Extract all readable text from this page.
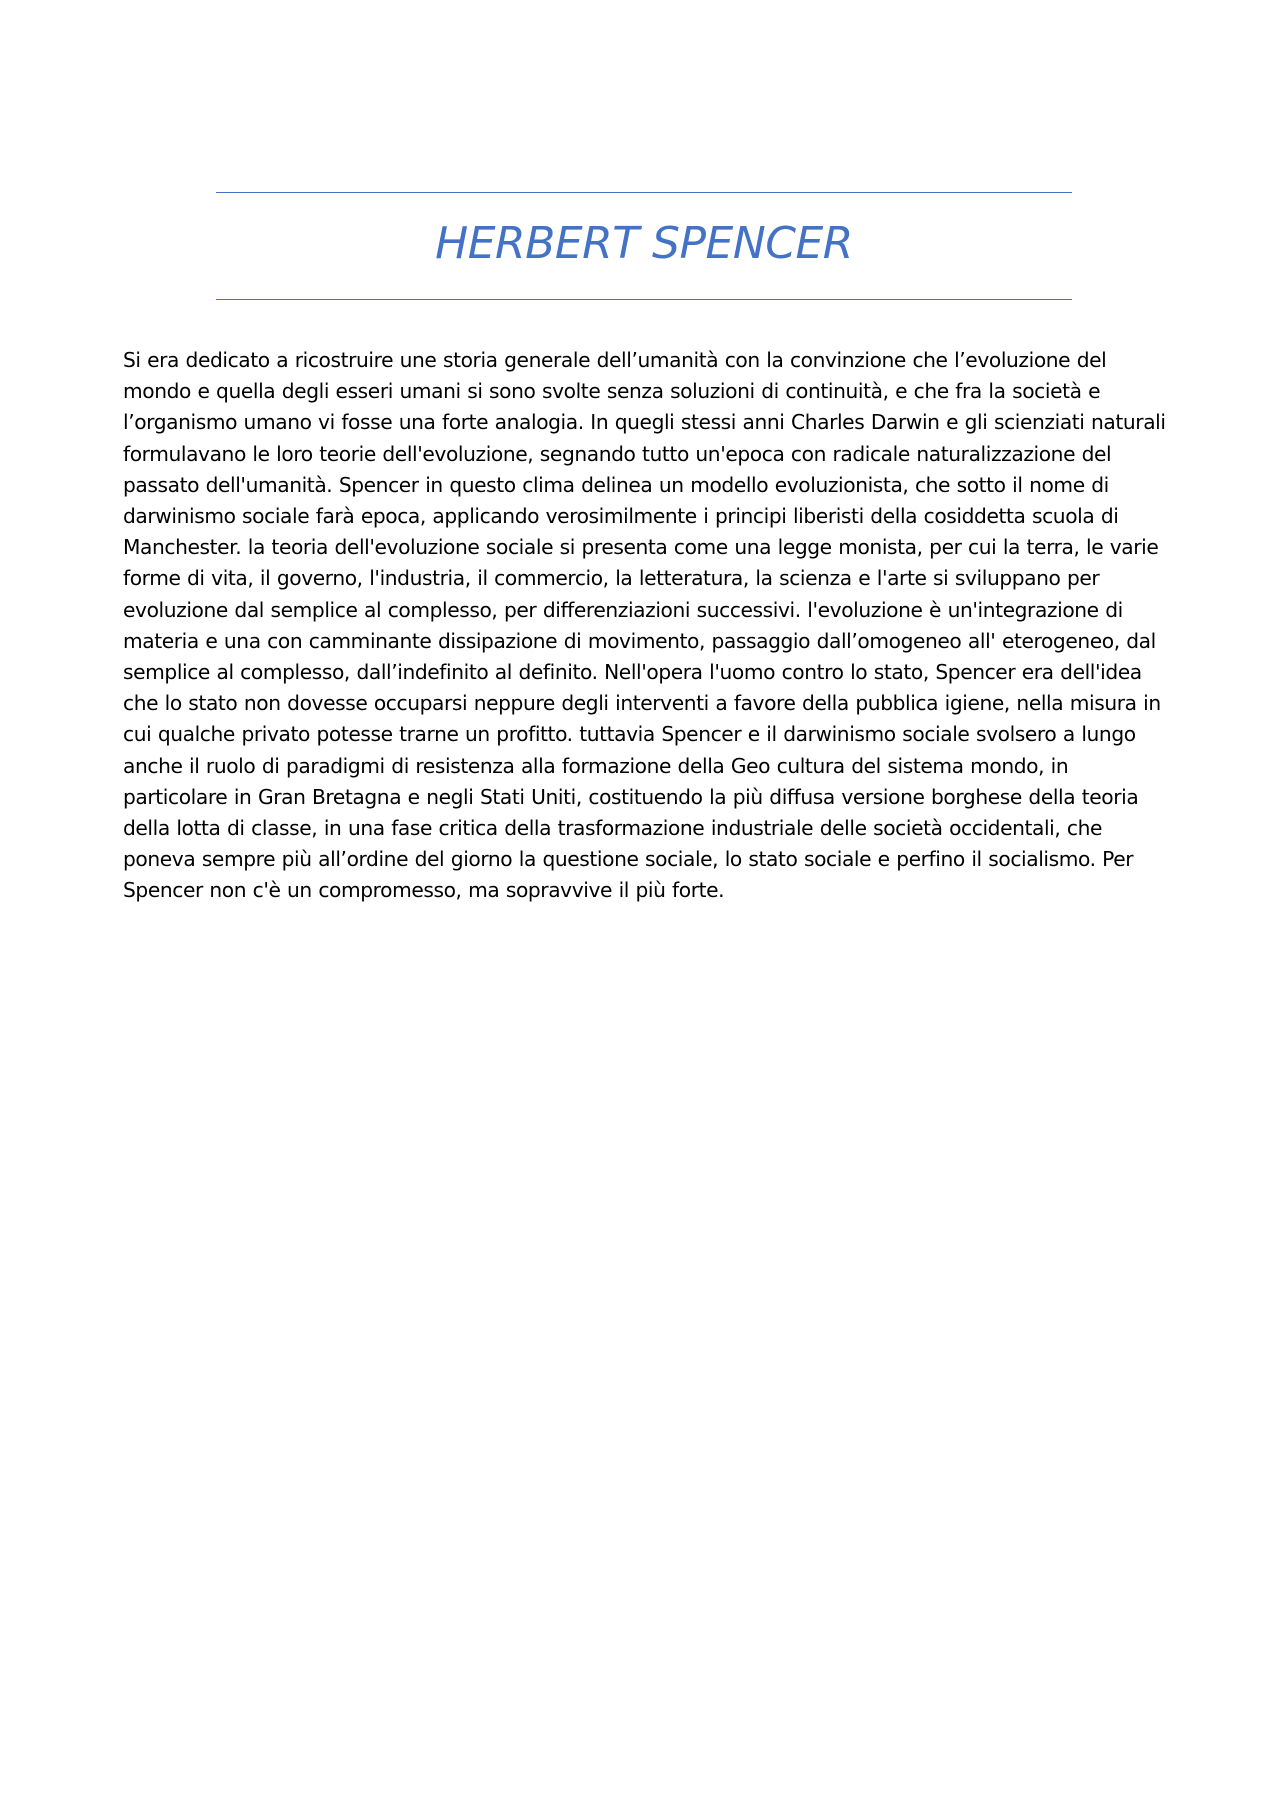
HERBERT SPENCER

Si era dedicato a ricostruire une storia generale dell’umanità con la convinzione che l’evoluzione del mondo e quella degli esseri umani si sono svolte senza soluzioni di continuità, e che fra la società e l’organismo umano vi fosse una forte analogia. In quegli stessi anni Charles Darwin e gli scienziati naturali formulavano le loro teorie dell'evoluzione, segnando tutto un'epoca con radicale naturalizzazione del passato dell'umanità. Spencer in questo clima delinea un modello evoluzionista, che sotto il nome di darwinismo sociale farà epoca, applicando verosimilmente i principi liberisti della cosiddetta scuola di Manchester. la teoria dell'evoluzione sociale si presenta come una legge monista, per cui la terra, le varie forme di vita, il governo, l'industria, il commercio, la letteratura, la scienza e l'arte si sviluppano per evoluzione dal semplice al complesso, per differenziazioni successivi. l'evoluzione è un'integrazione di materia e una con camminante dissipazione di movimento, passaggio dall’omogeneo all' eterogeneo, dal semplice al complesso, dall’indefinito al definito. Nell'opera l'uomo contro lo stato, Spencer era dell'idea che lo stato non dovesse occuparsi neppure degli interventi a favore della pubblica igiene, nella misura in cui qualche privato potesse trarne un profitto. tuttavia Spencer e il darwinismo sociale svolsero a lungo anche il ruolo di paradigmi di resistenza alla formazione della Geo cultura del sistema mondo, in particolare in Gran Bretagna e negli Stati Uniti, costituendo la più diffusa versione borghese della teoria della lotta di classe, in una fase critica della trasformazione industriale delle società occidentali, che poneva sempre più all’ordine del giorno la questione sociale, lo stato sociale e perfino il socialismo. Per Spencer non c'è un compromesso, ma sopravvive il più forte.
